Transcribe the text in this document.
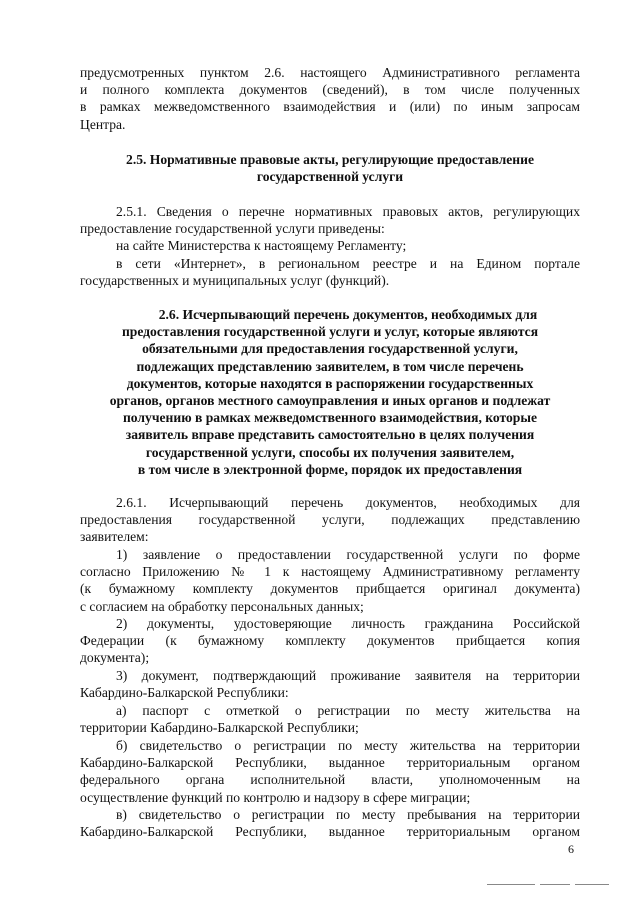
предусмотренных пунктом 2.6. настоящего Административного регламента
и полного комплекта документов (сведений), в том числе полученных
в рамках межведомственного взаимодействия и (или) по иным запросам
Центра.
2.5. Нормативные правовые акты, регулирующие предоставление
государственной услуги
2.5.1. Сведения о перечне нормативных правовых актов, регулирующих
предоставление государственной услуги приведены:
на сайте Министерства к настоящему Регламенту;
в сети «Интернет», в региональном реестре и на Едином портале
государственных и муниципальных услуг (функций).
2.6. Исчерпывающий перечень документов, необходимых для
предоставления государственной услуги и услуг, которые являются
обязательными для предоставления государственной услуги,
подлежащих представлению заявителем, в том числе перечень
документов, которые находятся в распоряжении государственных
органов, органов местного самоуправления и иных органов и подлежат
получению в рамках межведомственного взаимодействия, которые
заявитель вправе представить самостоятельно в целях получения
государственной услуги, способы их получения заявителем,
в том числе в электронной форме, порядок их предоставления
2.6.1. Исчерпывающий перечень документов, необходимых для
предоставления государственной услуги, подлежащих представлению
заявителем:
1) заявление о предоставлении государственной услуги по форме
согласно Приложению № 1 к настоящему Административному регламенту
(к бумажному комплекту документов прибщается оригинал документа)
с согласием на обработку персональных данных;
2) документы, удостоверяющие личность гражданина Российской
Федерации (к бумажному комплекту документов прибщается копия
документа);
3) документ, подтверждающий проживание заявителя на территории
Кабардино-Балкарской Республики:
а) паспорт с отметкой о регистрации по месту жительства на
территории Кабардино-Балкарской Республики;
б) свидетельство о регистрации по месту жительства на территории
Кабардино-Балкарской Республики, выданное территориальным органом
федерального органа исполнительной власти, уполномоченным на
осуществление функций по контролю и надзору в сфере миграции;
в) свидетельство о регистрации по месту пребывания на территории
Кабардино-Балкарской Республики, выданное территориальным органом
6
